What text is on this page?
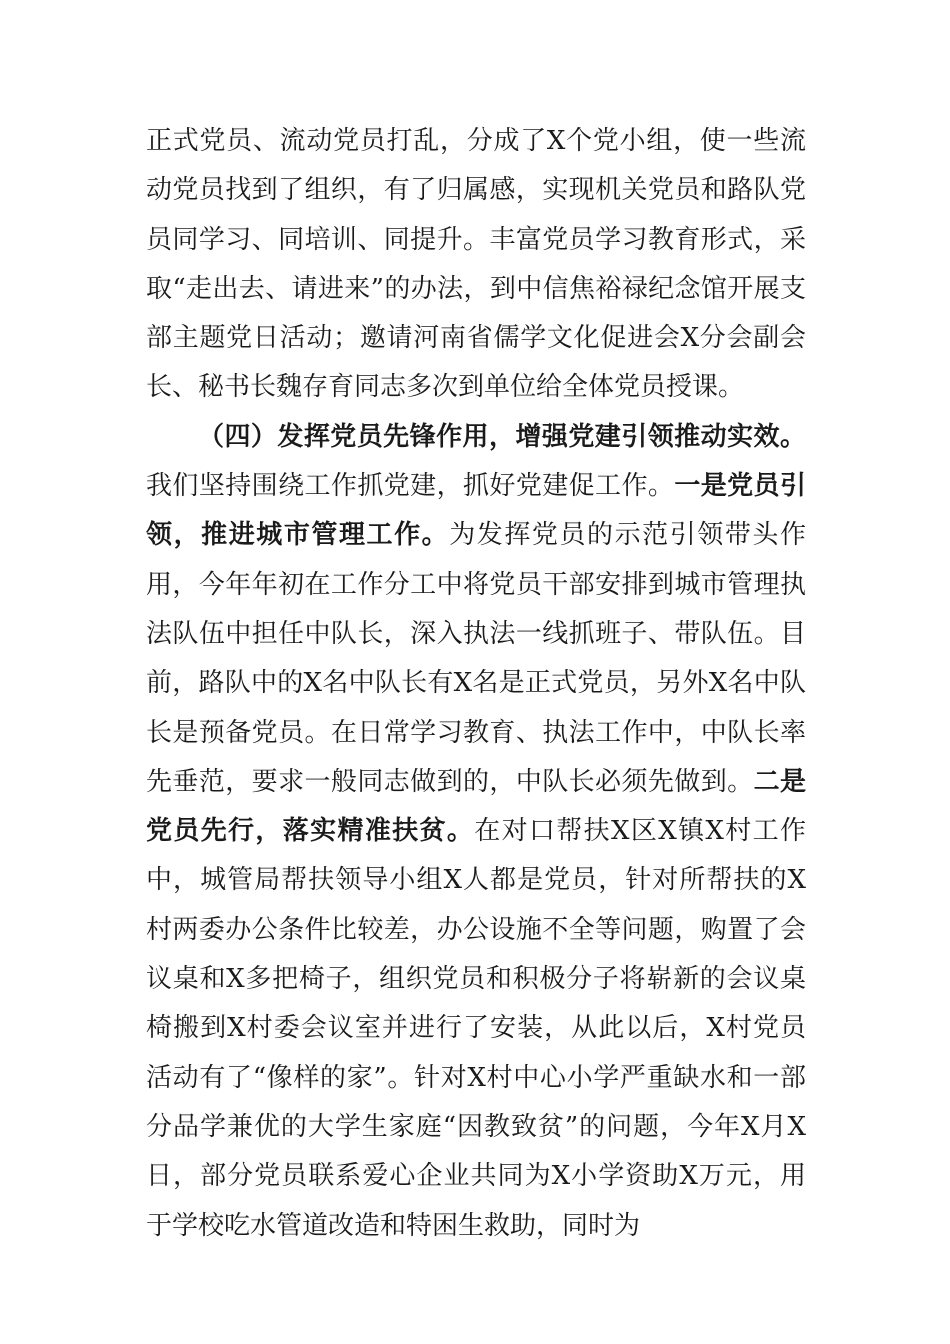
正式党员、流动党员打乱，分成了X个党小组，使一些流动党员找到了组织，有了归属感，实现机关党员和路队党员同学习、同培训、同提升。丰富党员学习教育形式，采取“走出去、请进来”的办法，到中信焦裕禄纪念馆开展支部主题党日活动；邀请河南省儒学文化促进会X分会副会长、秘书长魏存育同志多次到单位给全体党员授课。

（四）发挥党员先锋作用，增强党建引领推动实效。我们坚持围绕工作抓党建，抓好党建促工作。一是党员引领，推进城市管理工作。为发挥党员的示范引领带头作用，今年年初在工作分工中将党员干部安排到城市管理执法队伍中担任中队长，深入执法一线抓班子、带队伍。目前，路队中的X名中队长有X名是正式党员，另外X名中队长是预备党员。在日常学习教育、执法工作中，中队长率先垂范，要求一般同志做到的，中队长必须先做到。二是党员先行，落实精准扶贫。在对口帮扶X区X镇X村工作中，城管局帮扶领导小组X人都是党员，针对所帮扶的X村两委办公条件比较差，办公设施不全等问题，购置了会议桌和X多把椅子，组织党员和积极分子将崭新的会议桌椅搬到X村委会议室并进行了安装，从此以后，X村党员活动有了“像样的家”。针对X村中心小学严重缺水和一部分品学兼优的大学生家庭“因教致贫”的问题，今年X月X日，部分党员联系爱心企业共同为X小学资助X万元，用于学校吃水管道改造和特困生救助，同时为
